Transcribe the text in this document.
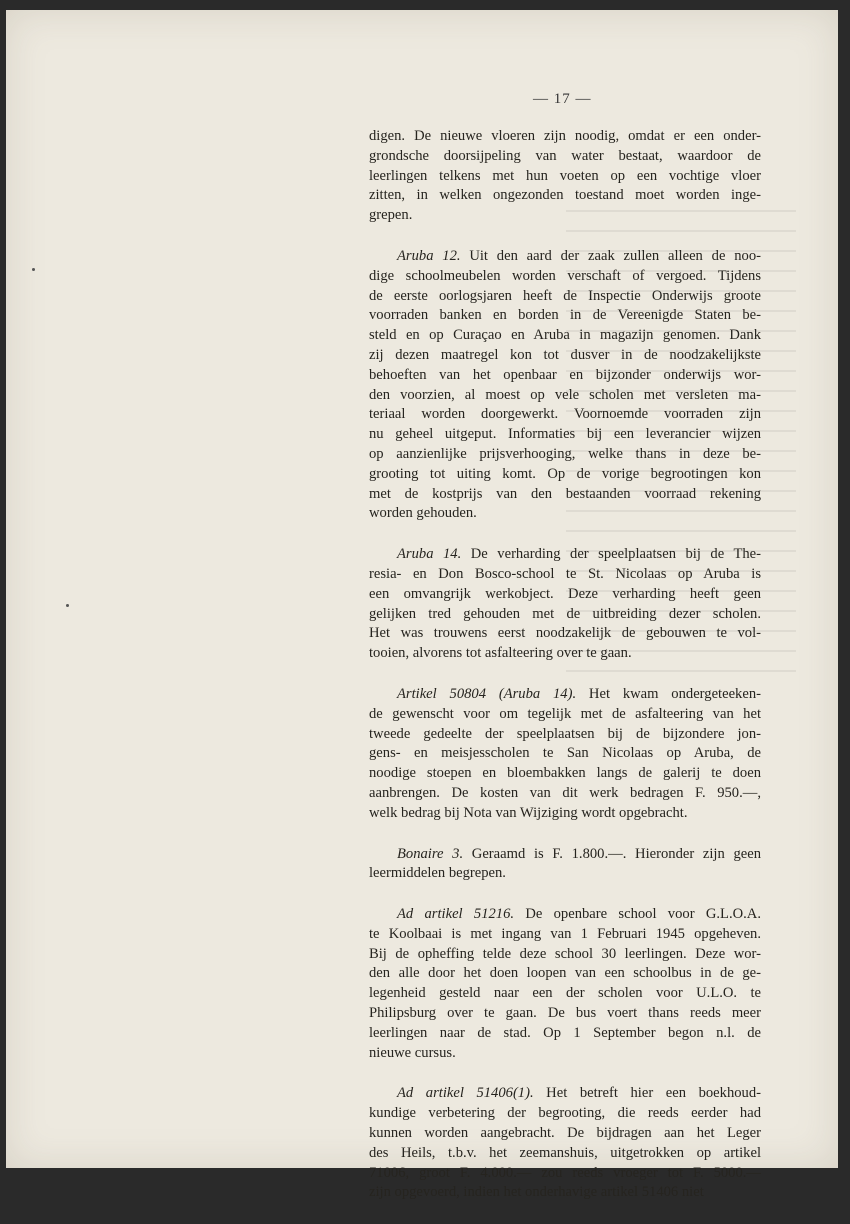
— 17 —
digen. De nieuwe vloeren zijn noodig, omdat er een onder-
grondsche doorsijpeling van water bestaat, waardoor de
leerlingen telkens met hun voeten op een vochtige vloer
zitten, in welken ongezonden toestand moet worden inge-
grepen.
Aruba 12. Uit den aard der zaak zullen alleen de noo-
dige schoolmeubelen worden verschaft of vergoed. Tijdens
de eerste oorlogsjaren heeft de Inspectie Onderwijs groote
voorraden banken en borden in de Vereenigde Staten be-
steld en op Curaçao en Aruba in magazijn genomen. Dank
zij dezen maatregel kon tot dusver in de noodzakelijkste
behoeften van het openbaar en bijzonder onderwijs wor-
den voorzien, al moest op vele scholen met versleten ma-
teriaal worden doorgewerkt. Voornoemde voorraden zijn
nu geheel uitgeput. Informaties bij een leverancier wijzen
op aanzienlijke prijsverhooging, welke thans in deze be-
grooting tot uiting komt. Op de vorige begrootingen kon
met de kostprijs van den bestaanden voorraad rekening
worden gehouden.
Aruba 14. De verharding der speelplaatsen bij de The-
resia- en Don Bosco-school te St. Nicolaas op Aruba is
een omvangrijk werkobject. Deze verharding heeft geen
gelijken tred gehouden met de uitbreiding dezer scholen.
Het was trouwens eerst noodzakelijk de gebouwen te vol-
tooien, alvorens tot asfalteering over te gaan.
Artikel 50804 (Aruba 14). Het kwam ondergeteeken-
de gewenscht voor om tegelijk met de asfalteering van het
tweede gedeelte der speelplaatsen bij de bijzondere jon-
gens- en meisjesscholen te San Nicolaas op Aruba, de
noodige stoepen en bloembakken langs de galerij te doen
aanbrengen. De kosten van dit werk bedragen F. 950.—,
welk bedrag bij Nota van Wijziging wordt opgebracht.
Bonaire 3. Geraamd is F. 1.800.—. Hieronder zijn geen
leermiddelen begrepen.
Ad artikel 51216. De openbare school voor G.L.O.A.
te Koolbaai is met ingang van 1 Februari 1945 opgeheven.
Bij de opheffing telde deze school 30 leerlingen. Deze wor-
den alle door het doen loopen van een schoolbus in de ge-
legenheid gesteld naar een der scholen voor U.L.O. te
Philipsburg over te gaan. De bus voert thans reeds meer
leerlingen naar de stad. Op 1 September begon n.l. de
nieuwe cursus.
Ad artikel 51406(1). Het betreft hier een boekhoud-
kundige verbetering der begrooting, die reeds eerder had
kunnen worden aangebracht. De bijdragen aan het Leger
des Heils, t.b.v. het zeemanshuis, uitgetrokken op artikel
71006, groot F. 4.000.— zou reeds vroeger tot F. 5000.—
zijn opgevoerd, indien het onderhavige artikel 51406 niet
